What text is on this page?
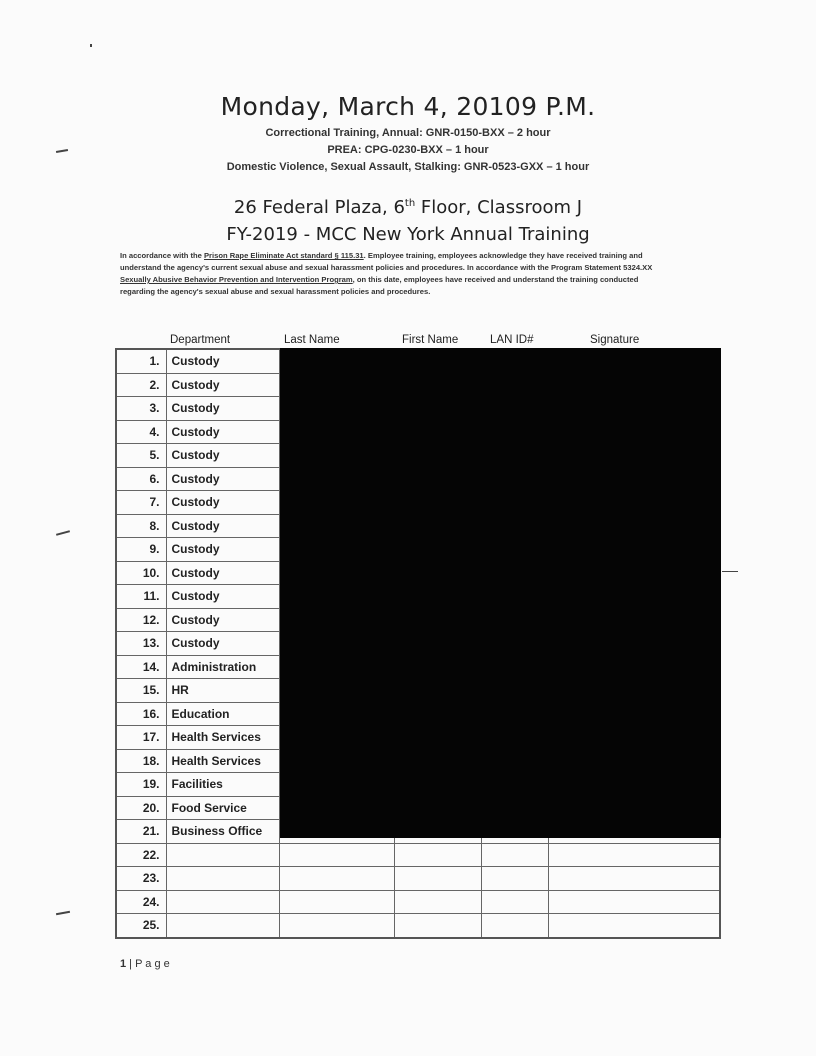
Monday, March 4, 20109 P.M.
Correctional Training, Annual: GNR-0150-BXX – 2 hour
PREA: CPG-0230-BXX – 1 hour
Domestic Violence, Sexual Assault, Stalking: GNR-0523-GXX – 1 hour
26 Federal Plaza, 6th Floor, Classroom J
FY-2019 - MCC New York Annual Training
In accordance with the Prison Rape Eliminate Act standard § 115.31. Employee training, employees acknowledge they have received training and understand the agency's current sexual abuse and sexual harassment policies and procedures. In accordance with the Program Statement 5324.XX Sexually Abusive Behavior Prevention and Intervention Program, on this date, employees have received and understand the training conducted regarding the agency's sexual abuse and sexual harassment policies and procedures.
Department	Last Name	First Name	LAN ID#	Signature
1.	Custody				
2.	Custody				
3.	Custody				
4.	Custody				
5.	Custody				
6.	Custody				
7.	Custody				
8.	Custody				
9.	Custody				
10.	Custody				
11.	Custody				
12.	Custody				
13.	Custody				
14.	Administration				
15.	HR				
16.	Education				
17.	Health Services				
18.	Health Services				
19.	Facilities				
20.	Food Service				
21.	Business Office				
22.					
23.					
24.					
25.					
1 | P a g e
